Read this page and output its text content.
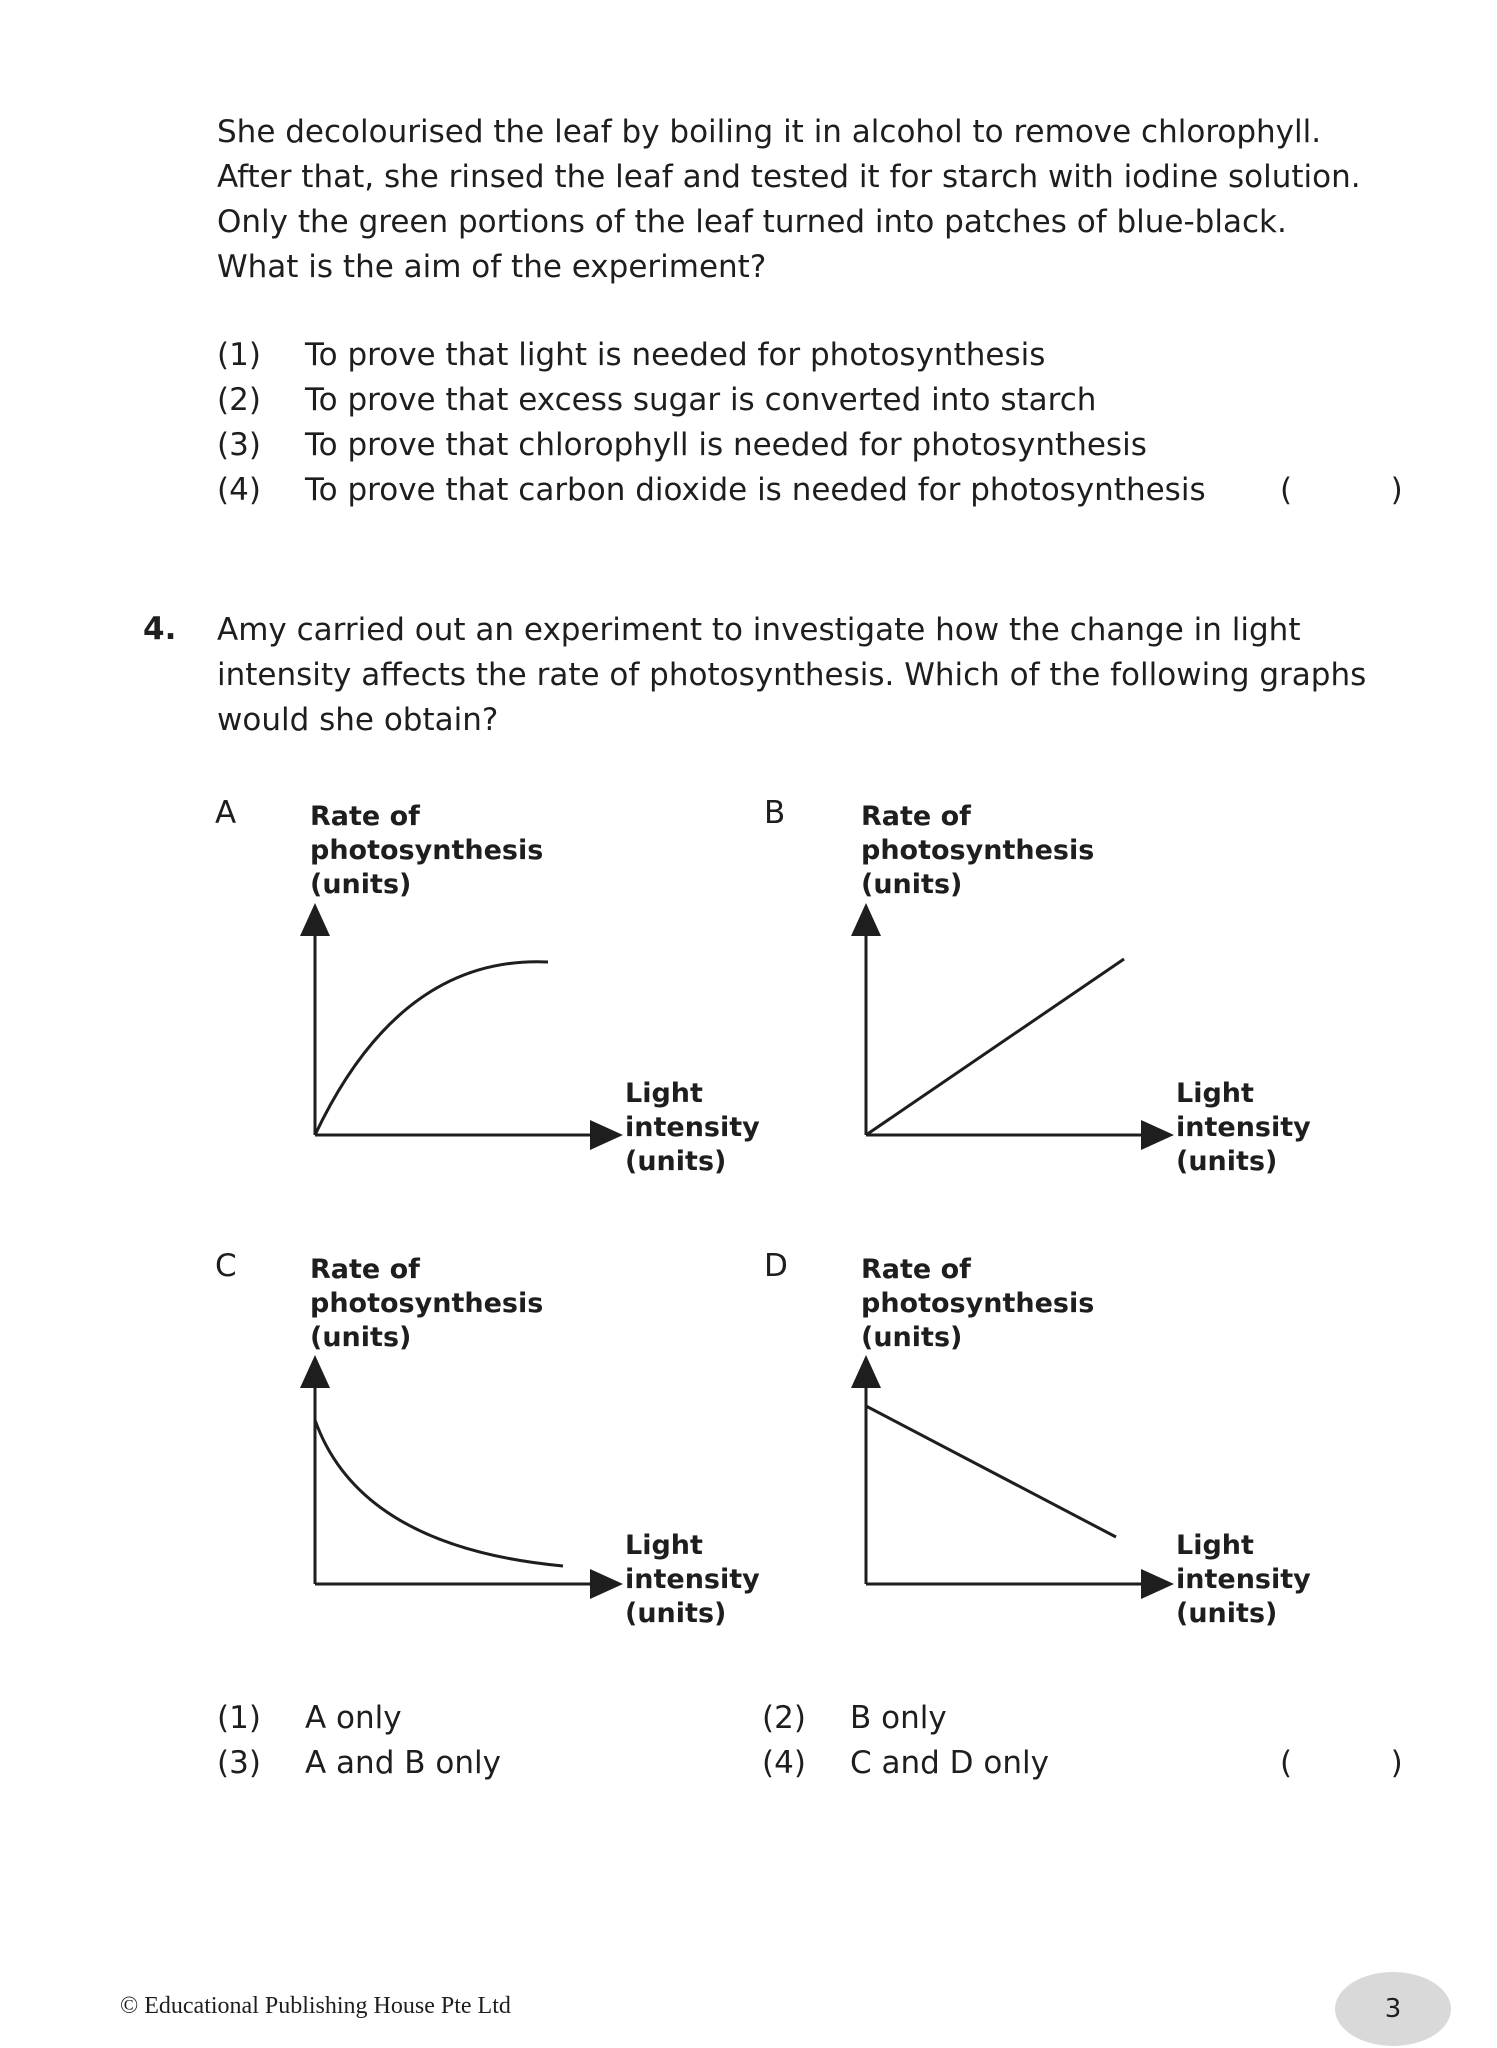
She decolourised the leaf by boiling it in alcohol to remove chlorophyll.
After that, she rinsed the leaf and tested it for starch with iodine solution.
Only the green portions of the leaf turned into patches of blue-black.
What is the aim of the experiment?
(1) To prove that light is needed for photosynthesis
(2) To prove that excess sugar is converted into starch
(3) To prove that chlorophyll is needed for photosynthesis
(4) To prove that carbon dioxide is needed for photosynthesis (          )
4. Amy carried out an experiment to investigate how the change in light
intensity affects the rate of photosynthesis. Which of the following graphs
would she obtain?
A	Rate of
photosynthesis
(units)
Light
intensity
(units)
B	Rate of
photosynthesis
(units)
Light
intensity
(units)
C	Rate of
photosynthesis
(units)
Light
intensity
(units)
D	Rate of
photosynthesis
(units)
Light
intensity
(units)
(1) A only	(2) B only
(3) A and B only	(4) C and D only	(          )
© Educational Publishing House Pte Ltd	3
